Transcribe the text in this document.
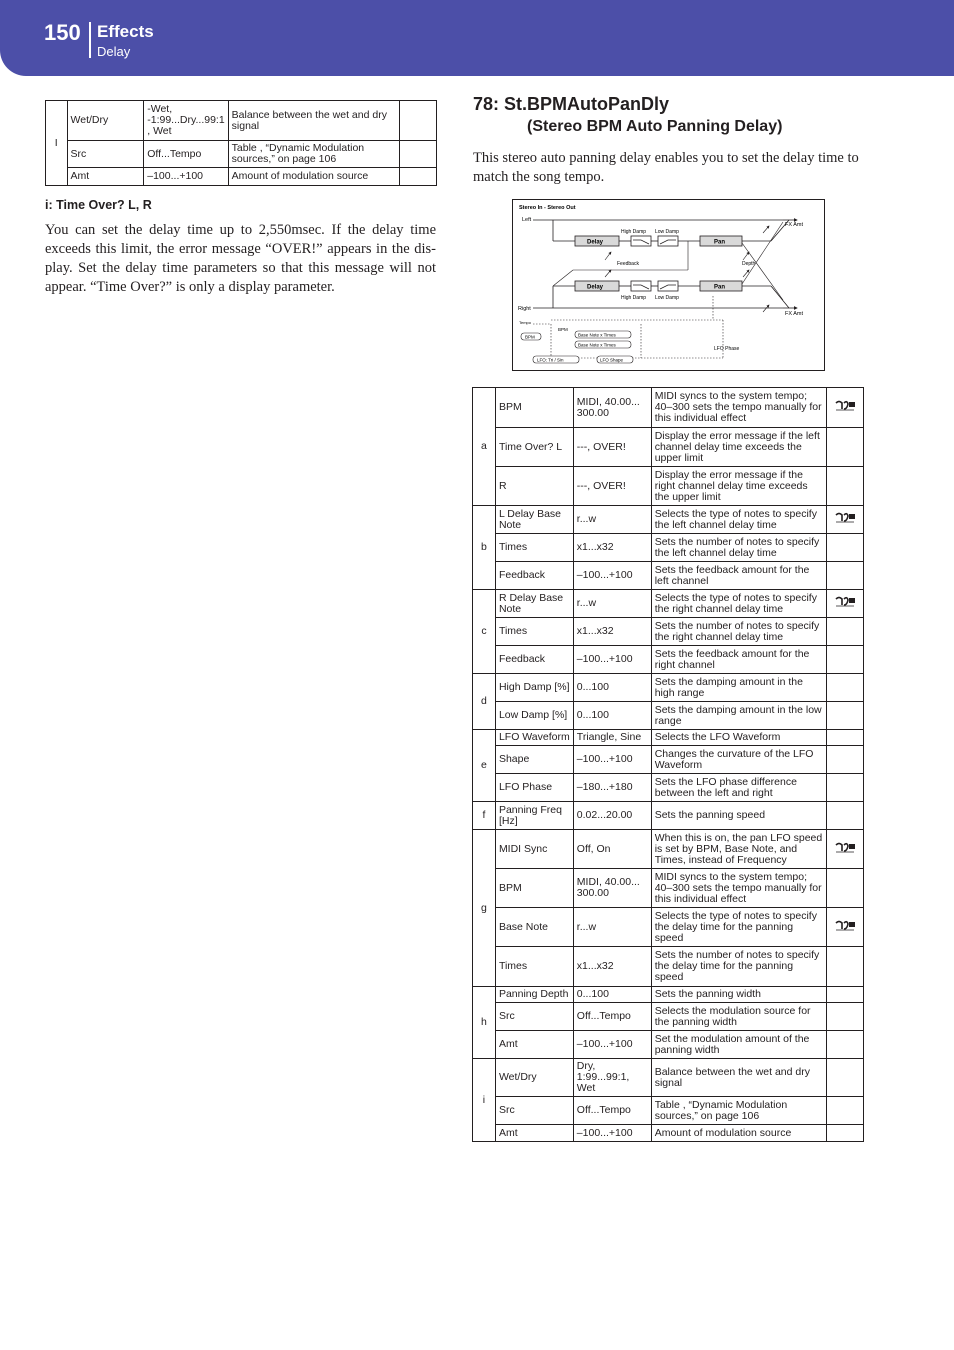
150 Effects
Delay
I	Wet/Dry	-Wet, -1:99...Dry...99:1 , Wet	Balance between the wet and dry signal	
	Src	Off...Tempo	Table , “Dynamic Modulation sources,” on page 106	
	Amt	–100...+100	Amount of modulation source	
i: Time Over? L, R
You can set the delay time up to 2,550msec. If the delay time exceeds this limit, the error message “OVER!” appears in the dis-play. Set the delay time parameters so that this message will not appear. “Time Over?” is only a display parameter.
78: St.BPMAutoPanDly
(Stereo BPM Auto Panning Delay)
This stereo auto panning delay enables you to set the delay time to match the song tempo.
Stereo In - Stereo Out
Left
Right
Delay
High Damp Low Damp
Pan
FX Amt
Feedback	Depth
Delay
High Damp Low Damp
Pan
FX Amt
Tempo
BPM
BPM
Base Note x Times
Base Note x Times
LFO Phase
LFO: Tri / Sin	LFO Shape
a	BPM	MIDI, 40.00... 300.00	MIDI syncs to the system tempo; 40–300 sets the tempo manually for this individual effect	
	Time Over? L	---, OVER!	Display the error message if the left channel delay time exceeds the upper limit	
	R	---, OVER!	Display the error message if the right channel delay time exceeds the upper limit	
b	L Delay Base Note	r...w	Selects the type of notes to specify the left channel delay time	
	Times	x1...x32	Sets the number of notes to specify the left channel delay time	
	Feedback	–100...+100	Sets the feedback amount for the left channel	
c	R Delay Base Note	r...w	Selects the type of notes to specify the right channel delay time	
	Times	x1...x32	Sets the number of notes to specify the right channel delay time	
	Feedback	–100...+100	Sets the feedback amount for the right channel	
d	High Damp [%]	0...100	Sets the damping amount in the high range	
	Low Damp [%]	0...100	Sets the damping amount in the low range	
e	LFO Waveform	Triangle, Sine	Selects the LFO Waveform	
	Shape	–100...+100	Changes the curvature of the LFO Waveform	
	LFO Phase	–180...+180	Sets the LFO phase difference between the left and right	
f	Panning Freq [Hz]	0.02...20.00	Sets the panning speed	
g	MIDI Sync	Off, On	When this is on, the pan LFO speed is set by BPM, Base Note, and Times, instead of Frequency	
	BPM	MIDI, 40.00... 300.00	MIDI syncs to the system tempo; 40–300 sets the tempo manually for this individual effect	
	Base Note	r...w	Selects the type of notes to specify the delay time for the panning speed	
	Times	x1...x32	Sets the number of notes to specify the delay time for the panning speed	
h	Panning Depth	0...100	Sets the panning width	
	Src	Off...Tempo	Selects the modulation source for the panning width	
	Amt	–100...+100	Set the modulation amount of the panning width	
i	Wet/Dry	Dry, 1:99...99:1, Wet	Balance between the wet and dry signal	
	Src	Off...Tempo	Table , “Dynamic Modulation sources,” on page 106	
	Amt	–100...+100	Amount of modulation source	
